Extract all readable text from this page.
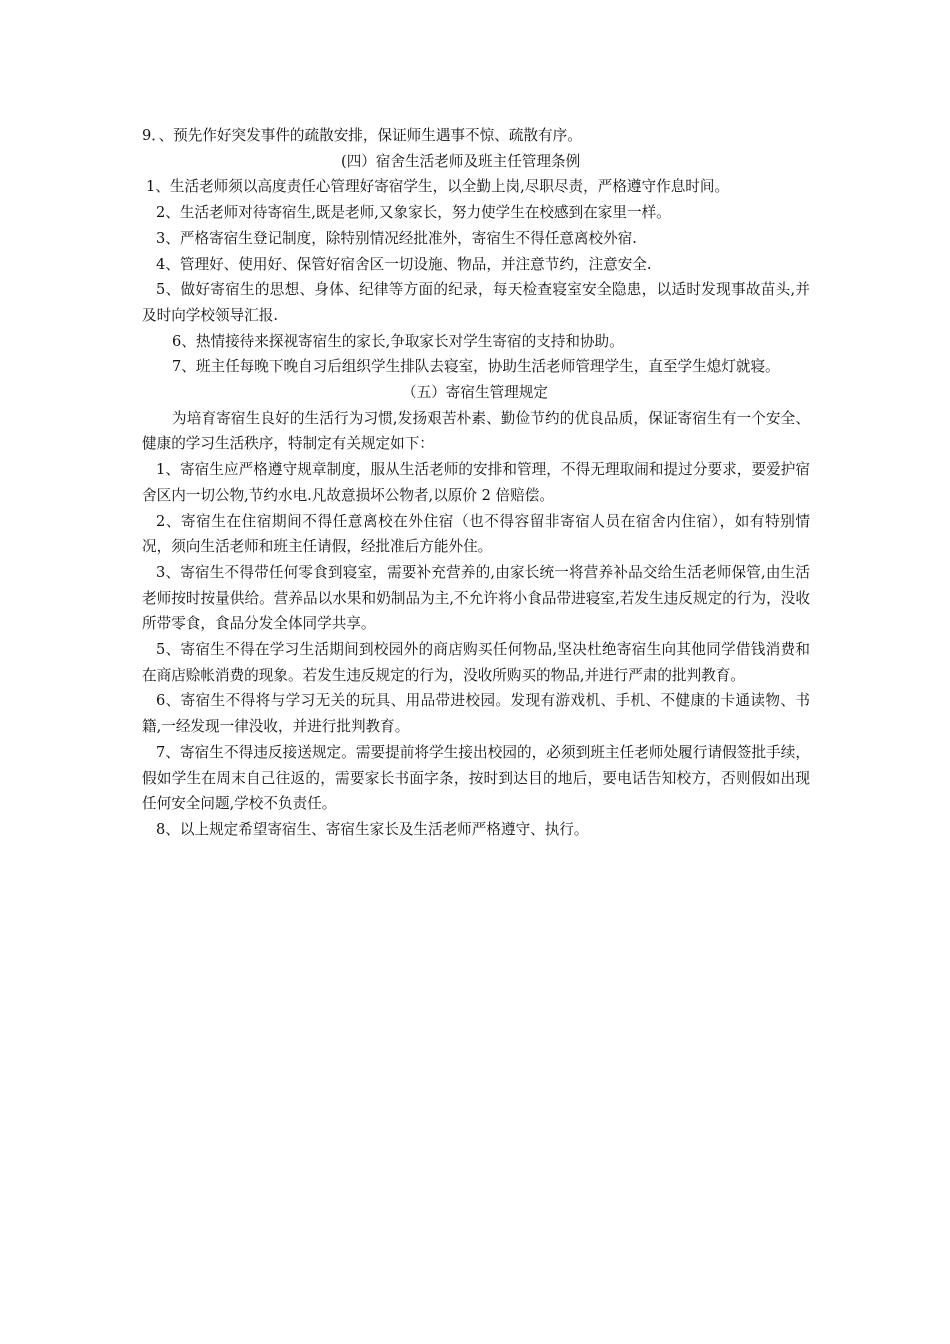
9．、预先作好突发事件的疏散安排，保证师生遇事不惊、疏散有序。

(四）宿舍生活老师及班主任管理条例

1、生活老师须以高度责任心管理好寄宿学生，以全勤上岗,尽职尽责，严格遵守作息时间。

2、生活老师对待寄宿生,既是老师,又象家长，努力使学生在校感到在家里一样。

3、严格寄宿生登记制度，除特别情况经批准外，寄宿生不得任意离校外宿.

4、管理好、使用好、保管好宿舍区一切设施、物品，并注意节约，注意安全.

5、做好寄宿生的思想、身体、纪律等方面的纪录，每天检查寝室安全隐患，以适时发现事故苗头,并及时向学校领导汇报.

6、热情接待来探视寄宿生的家长,争取家长对学生寄宿的支持和协助。

7、班主任每晚下晚自习后组织学生排队去寝室，协助生活老师管理学生，直至学生熄灯就寝。

（五）寄宿生管理规定

为培育寄宿生良好的生活行为习惯,发扬艰苦朴素、勤俭节约的优良品质，保证寄宿生有一个安全、健康的学习生活秩序，特制定有关规定如下：

1、寄宿生应严格遵守规章制度，服从生活老师的安排和管理，不得无理取闹和提过分要求，要爱护宿舍区内一切公物,节约水电.凡故意损坏公物者,以原价 2 倍赔偿。

2、寄宿生在住宿期间不得任意离校在外住宿（也不得容留非寄宿人员在宿舍内住宿），如有特别情况，须向生活老师和班主任请假，经批准后方能外住。

3、寄宿生不得带任何零食到寝室，需要补充营养的,由家长统一将营养补品交给生活老师保管,由生活老师按时按量供给。营养品以水果和奶制品为主,不允许将小食品带进寝室,若发生违反规定的行为，没收所带零食，食品分发全体同学共享。

5、寄宿生不得在学习生活期间到校园外的商店购买任何物品,坚决杜绝寄宿生向其他同学借钱消费和在商店赊帐消费的现象。若发生违反规定的行为，没收所购买的物品,并进行严肃的批判教育。

6、寄宿生不得将与学习无关的玩具、用品带进校园。发现有游戏机、手机、不健康的卡通读物、书籍,一经发现一律没收，并进行批判教育。

7、寄宿生不得违反接送规定。需要提前将学生接出校园的，必须到班主任老师处履行请假签批手续，假如学生在周末自己往返的，需要家长书面字条，按时到达目的地后，要电话告知校方，否则假如出现任何安全问题,学校不负责任。

8、以上规定希望寄宿生、寄宿生家长及生活老师严格遵守、执行。
